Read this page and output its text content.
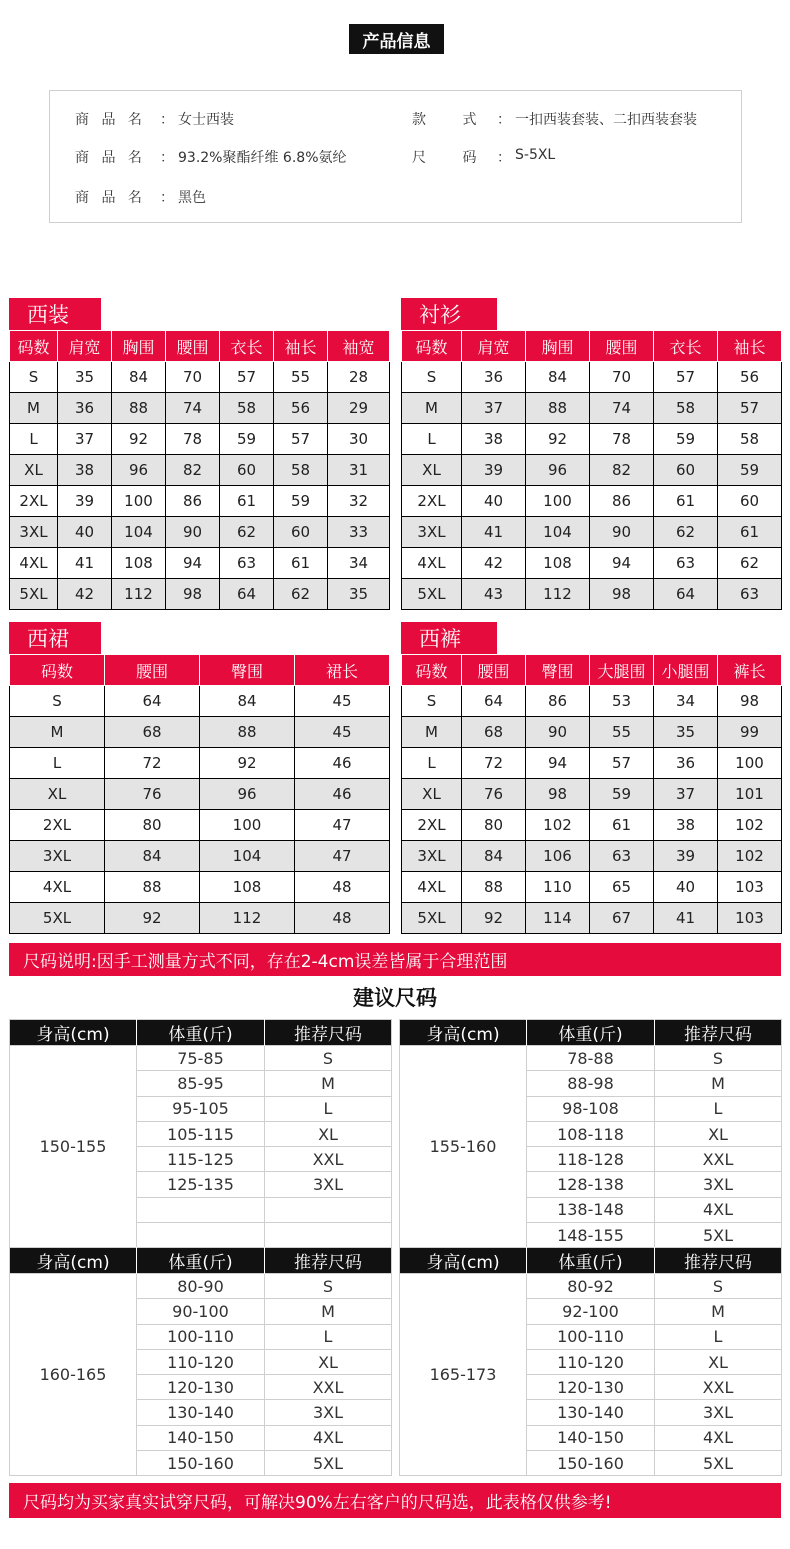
产品信息
商 品 名	： 女士西装	款 式	： 一扣西装套装、二扣西装套装
商 品 名	： 93.2%聚酯纤维 6.8%氨纶	尺 码	： S-5XL
商 品 名	： 黑色
西装	衬衫
西裙	西裤
码数	肩宽	胸围	腰围	衣长	袖长	袖宽
S	35	84	70	57	55	28
M	36	88	74	58	56	29
L	37	92	78	59	57	30
XL	38	96	82	60	58	31
2XL	39	100	86	61	59	32
3XL	40	104	90	62	60	33
4XL	41	108	94	63	61	34
5XL	42	112	98	64	62	35
码数	肩宽	胸围	腰围	衣长	袖长
S	36	84	70	57	56
M	37	88	74	58	57
L	38	92	78	59	58
XL	39	96	82	60	59
2XL	40	100	86	61	60
3XL	41	104	90	62	61
4XL	42	108	94	63	62
5XL	43	112	98	64	63
码数	腰围	臀围	裙长
S	64	84	45
M	68	88	45
L	72	92	46
XL	76	96	46
2XL	80	100	47
3XL	84	104	47
4XL	88	108	48
5XL	92	112	48
码数	腰围	臀围	大腿围	小腿围	裤长
S	64	86	53	34	98
M	68	90	55	35	99
L	72	94	57	36	100
XL	76	98	59	37	101
2XL	80	102	61	38	102
3XL	84	106	63	39	102
4XL	88	110	65	40	103
5XL	92	114	67	41	103
尺码说明:因手工测量方式不同，存在2-4cm误差皆属于合理范围
建议尺码
身高(cm)	体重(斤)	推荐尺码
150-155	75-85	S
	85-95	M
	95-105	L
	105-115	XL
	115-125	XXL
	125-135	3XL

身高(cm)	体重(斤)	推荐尺码
155-160	78-88	S
	88-98	M
	98-108	L
	108-118	XL
	118-128	XXL
	128-138	3XL
	138-148	4XL
	148-155	5XL
身高(cm)	体重(斤)	推荐尺码
160-165	80-90	S
	90-100	M
	100-110	L
	110-120	XL
	120-130	XXL
	130-140	3XL
	140-150	4XL
	150-160	5XL
身高(cm)	体重(斤)	推荐尺码
165-173	80-92	S
	92-100	M
	100-110	L
	110-120	XL
	120-130	XXL
	130-140	3XL
	140-150	4XL
	150-160	5XL
尺码均为买家真实试穿尺码，可解决90%左右客户的尺码选，此表格仅供参考!
